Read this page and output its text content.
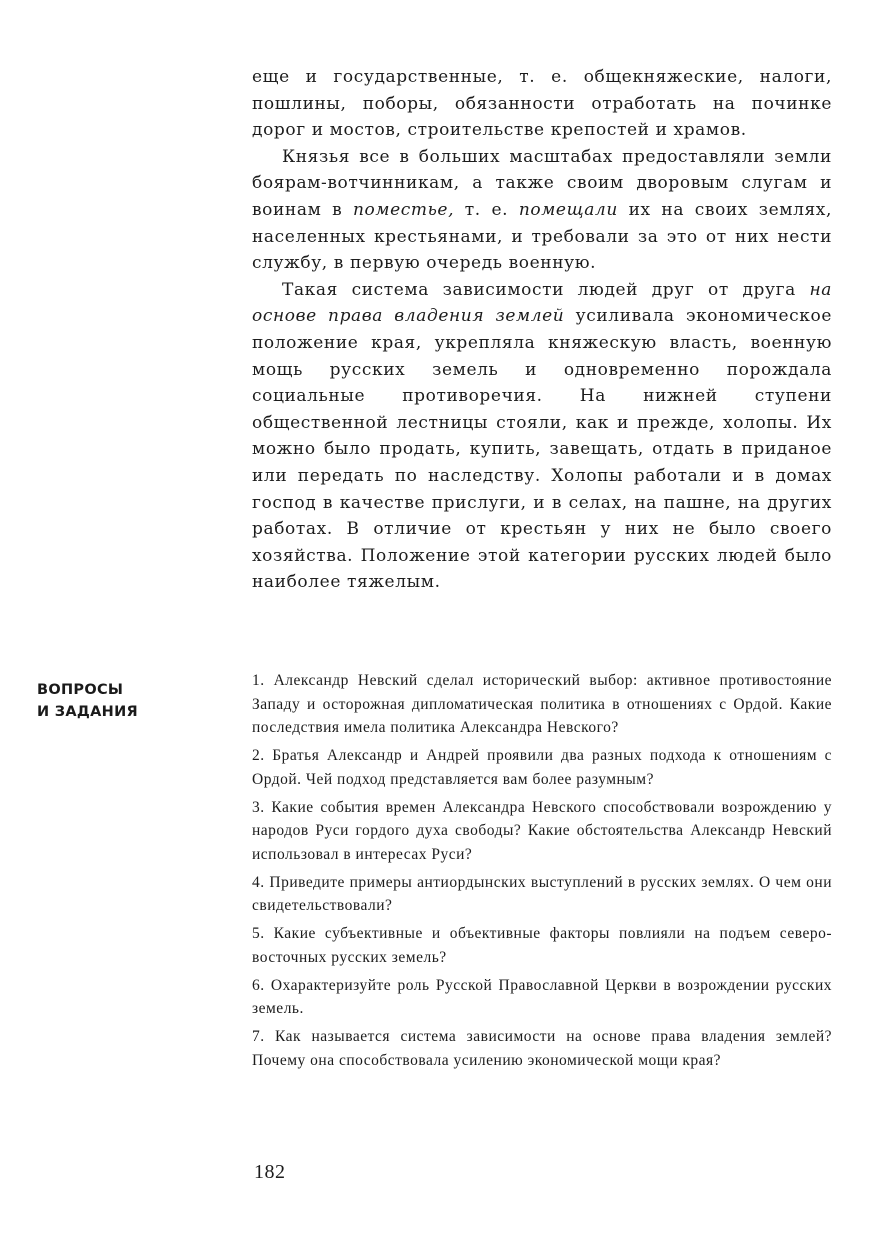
еще и государственные, т. е. общекняжеские, налоги, пошлины, поборы, обязанности отработать на починке дорог и мостов, строительстве крепостей и храмов.

Князья все в больших масштабах предоставляли земли боярам-вотчинникам, а также своим дворовым слугам и воинам в поместье, т. е. помещали их на своих землях, населенных крестьянами, и требовали за это от них нести службу, в первую очередь военную.

Такая система зависимости людей друг от друга на основе права владения землей усиливала экономическое положение края, укрепляла княжескую власть, военную мощь русских земель и одновременно порождала социальные противоречия. На нижней ступени общественной лестницы стояли, как и прежде, холопы. Их можно было продать, купить, завещать, отдать в приданое или передать по наследству. Холопы работали и в домах господ в качестве прислуги, и в селах, на пашне, на других работах. В отличие от крестьян у них не было своего хозяйства. Положение этой категории русских людей было наиболее тяжелым.

ВОПРОСЫ
И ЗАДАНИЯ

1. Александр Невский сделал исторический выбор: активное противостояние Западу и осторожная дипломатическая политика в отношениях с Ордой. Какие последствия имела политика Александра Невского?

2. Братья Александр и Андрей проявили два разных подхода к отношениям с Ордой. Чей подход представляется вам более разумным?

3. Какие события времен Александра Невского способствовали возрождению у народов Руси гордого духа свободы? Какие обстоятельства Александр Невский использовал в интересах Руси?

4. Приведите примеры антиордынских выступлений в русских землях. О чем они свидетельствовали?

5. Какие субъективные и объективные факторы повлияли на подъем северо-восточных русских земель?

6. Охарактеризуйте роль Русской Православной Церкви в возрождении русских земель.

7. Как называется система зависимости на основе права владения землей? Почему она способствовала усилению экономической мощи края?

182
